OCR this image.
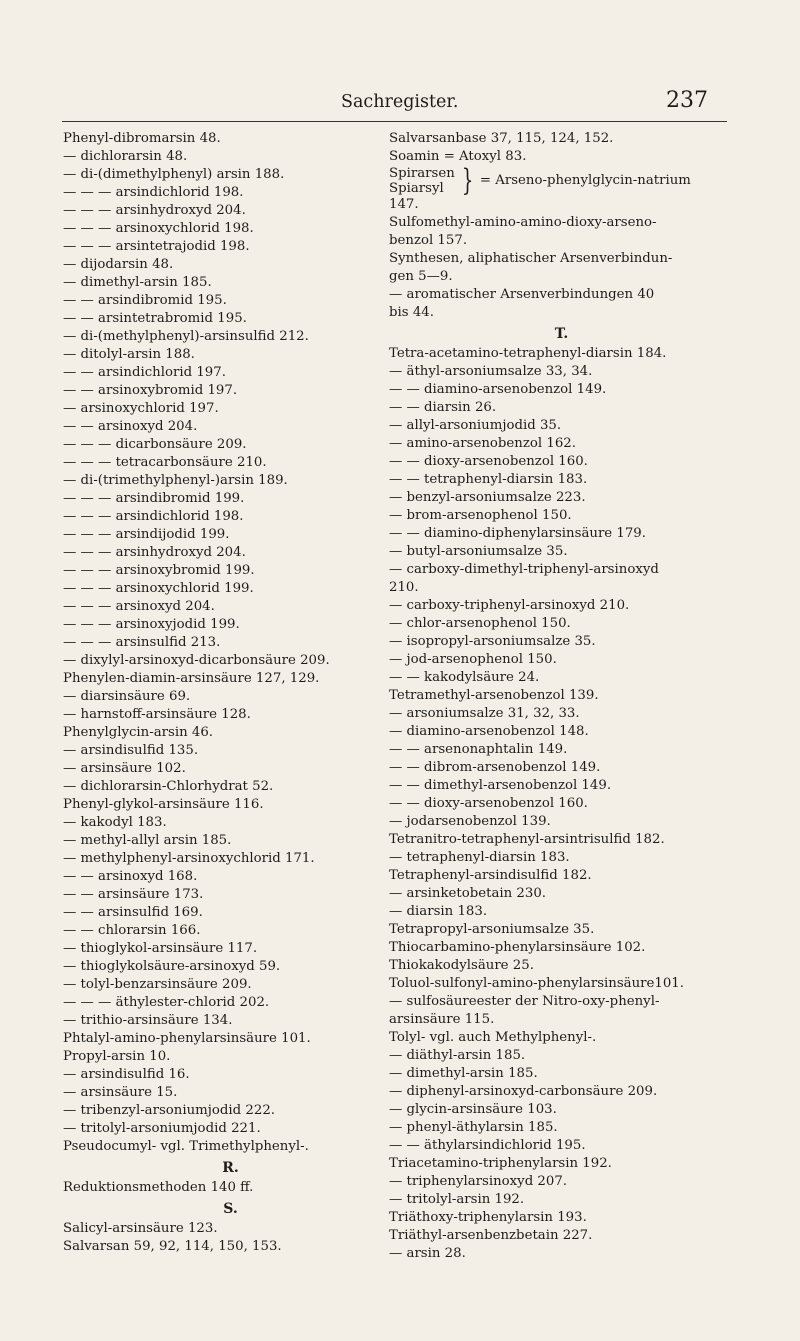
Sachregister.	237
Phenyl-dibromarsin 48.
— dichlorarsin 48.
— di-(dimethylphenyl) arsin 188.
— — — arsindichlorid 198.
— — — arsinhydroxyd 204.
— — — arsinoxychlorid 198.
— — — arsintetrajodid 198.
— dijodarsin 48.
— dimethyl-arsin 185.
— — arsindibromid 195.
— — arsintetrabromid 195.
— di-(methylphenyl)-arsinsulfid 212.
— ditolyl-arsin 188.
— — arsindichlorid 197.
— — arsinoxybromid 197.
— arsinoxychlorid 197.
— — arsinoxyd 204.
— — — dicarbonsäure 209.
— — — tetracarbonsäure 210.
— di-(trimethylphenyl-)arsin 189.
— — — arsindibromid 199.
— — — arsindichlorid 198.
— — — arsindijodid 199.
— — — arsinhydroxyd 204.
— — — arsinoxybromid 199.
— — — arsinoxychlorid 199.
— — — arsinoxyd 204.
— — — arsinoxyjodid 199.
— — — arsinsulfid 213.
— dixylyl-arsinoxyd-dicarbonsäure 209.
Phenylen-diamin-arsinsäure 127, 129.
— diarsinsäure 69.
— harnstoff-arsinsäure 128.
Phenylglycin-arsin 46.
— arsindisulfid 135.
— arsinsäure 102.
— dichlorarsin-Chlorhydrat 52.
Phenyl-glykol-arsinsäure 116.
— kakodyl 183.
— methyl-allyl arsin 185.
— methylphenyl-arsinoxychlorid 171.
— — arsinoxyd 168.
— — arsinsäure 173.
— — arsinsulfid 169.
— — chlorarsin 166.
— thioglykol-arsinsäure 117.
— thioglykolsäure-arsinoxyd 59.
— tolyl-benzarsinsäure 209.
— — — äthylester-chlorid 202.
— trithio-arsinsäure 134.
Phtalyl-amino-phenylarsinsäure 101.
Propyl-arsin 10.
— arsindisulfid 16.
— arsinsäure 15.
— tribenzyl-arsoniumjodid 222.
— tritolyl-arsoniumjodid 221.
Pseudocumyl- vgl. Trimethylphenyl-.
R.
Reduktionsmethoden 140 ff.
S.
Salicyl-arsinsäure 123.
Salvarsan 59, 92, 114, 150, 153.
Salvarsanbase 37, 115, 124, 152.
Soamin = Atoxyl 83.
Spirarsen
Spiarsyl } = Arseno-phenylglycin-natrium
147.
Sulfomethyl-amino-amino-dioxy-arseno-
benzol 157.
Synthesen, aliphatischer Arsenverbindun-
gen 5—9.
— aromatischer Arsenverbindungen 40
bis 44.
T.
Tetra-acetamino-tetraphenyl-diarsin 184.
— äthyl-arsoniumsalze 33, 34.
— — diamino-arsenobenzol 149.
— — diarsin 26.
— allyl-arsoniumjodid 35.
— amino-arsenobenzol 162.
— — dioxy-arsenobenzol 160.
— — tetraphenyl-diarsin 183.
— benzyl-arsoniumsalze 223.
— brom-arsenophenol 150.
— — diamino-diphenylarsinsäure 179.
— butyl-arsoniumsalze 35.
— carboxy-dimethyl-triphenyl-arsinoxyd
210.
— carboxy-triphenyl-arsinoxyd 210.
— chlor-arsenophenol 150.
— isopropyl-arsoniumsalze 35.
— jod-arsenophenol 150.
— — kakodylsäure 24.
Tetramethyl-arsenobenzol 139.
— arsoniumsalze 31, 32, 33.
— diamino-arsenobenzol 148.
— — arsenonaphtalin 149.
— — dibrom-arsenobenzol 149.
— — dimethyl-arsenobenzol 149.
— — dioxy-arsenobenzol 160.
— jodarsenobenzol 139.
Tetranitro-tetraphenyl-arsintrisulfid 182.
— tetraphenyl-diarsin 183.
Tetraphenyl-arsindisulfid 182.
— arsinketobetain 230.
— diarsin 183.
Tetrapropyl-arsoniumsalze 35.
Thiocarbamino-phenylarsinsäure 102.
Thiokakodylsäure 25.
Toluol-sulfonyl-amino-phenylarsinsäure101.
— sulfosäureester der Nitro-oxy-phenyl-
arsinsäure 115.
Tolyl- vgl. auch Methylphenyl-.
— diäthyl-arsin 185.
— dimethyl-arsin 185.
— diphenyl-arsinoxyd-carbonsäure 209.
— glycin-arsinsäure 103.
— phenyl-äthylarsin 185.
— — äthylarsindichlorid 195.
Triacetamino-triphenylarsin 192.
— triphenylarsinoxyd 207.
— tritolyl-arsin 192.
Triäthoxy-triphenylarsin 193.
Triäthyl-arsenbenzbetain 227.
— arsin 28.
